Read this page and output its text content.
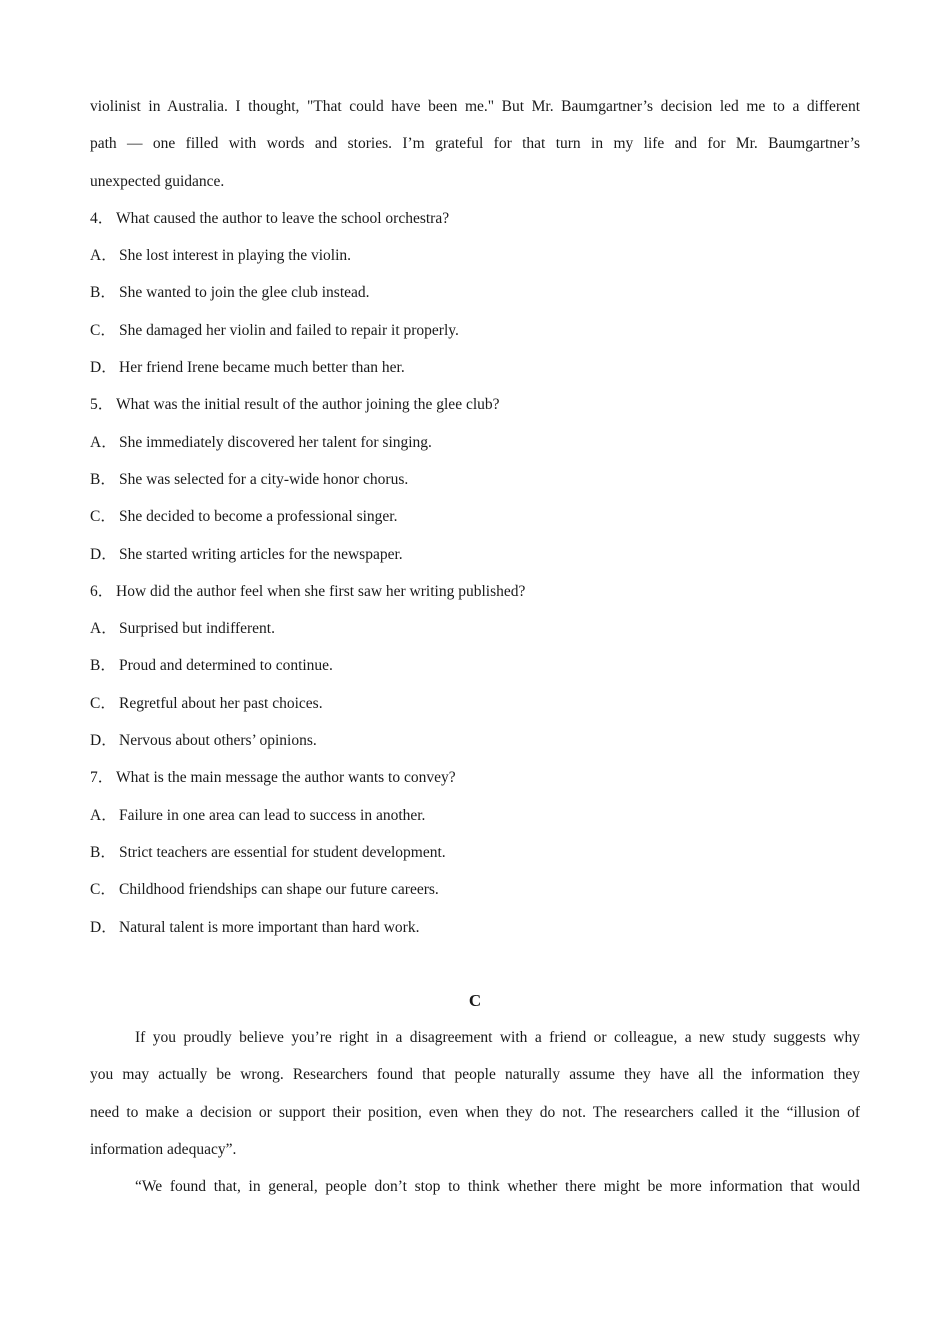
violinist in Australia. I thought, "That could have been me." But Mr. Baumgartner’s decision led me to a different
path — one filled with words and stories. I’m grateful for that turn in my life and for Mr. Baumgartner’s
unexpected guidance.
4． What caused the author to leave the school orchestra?
A． She lost interest in playing the violin.
B． She wanted to join the glee club instead.
C． She damaged her violin and failed to repair it properly.
D． Her friend Irene became much better than her.
5． What was the initial result of the author joining the glee club?
A． She immediately discovered her talent for singing.
B． She was selected for a city-wide honor chorus.
C． She decided to become a professional singer.
D． She started writing articles for the newspaper.
6． How did the author feel when she first saw her writing published?
A． Surprised but indifferent.
B． Proud and determined to continue.
C． Regretful about her past choices.
D． Nervous about others’ opinions.
7． What is the main message the author wants to convey?
A． Failure in one area can lead to success in another.
B． Strict teachers are essential for student development.
C． Childhood friendships can shape our future careers.
D． Natural talent is more important than hard work.
C
If you proudly believe you’re right in a disagreement with a friend or colleague, a new study suggests why
you may actually be wrong. Researchers found that people naturally assume they have all the information they
need to make a decision or support their position, even when they do not. The researchers called it the “illusion of
information adequacy”.
“We found that, in general, people don’t stop to think whether there might be more information that would
